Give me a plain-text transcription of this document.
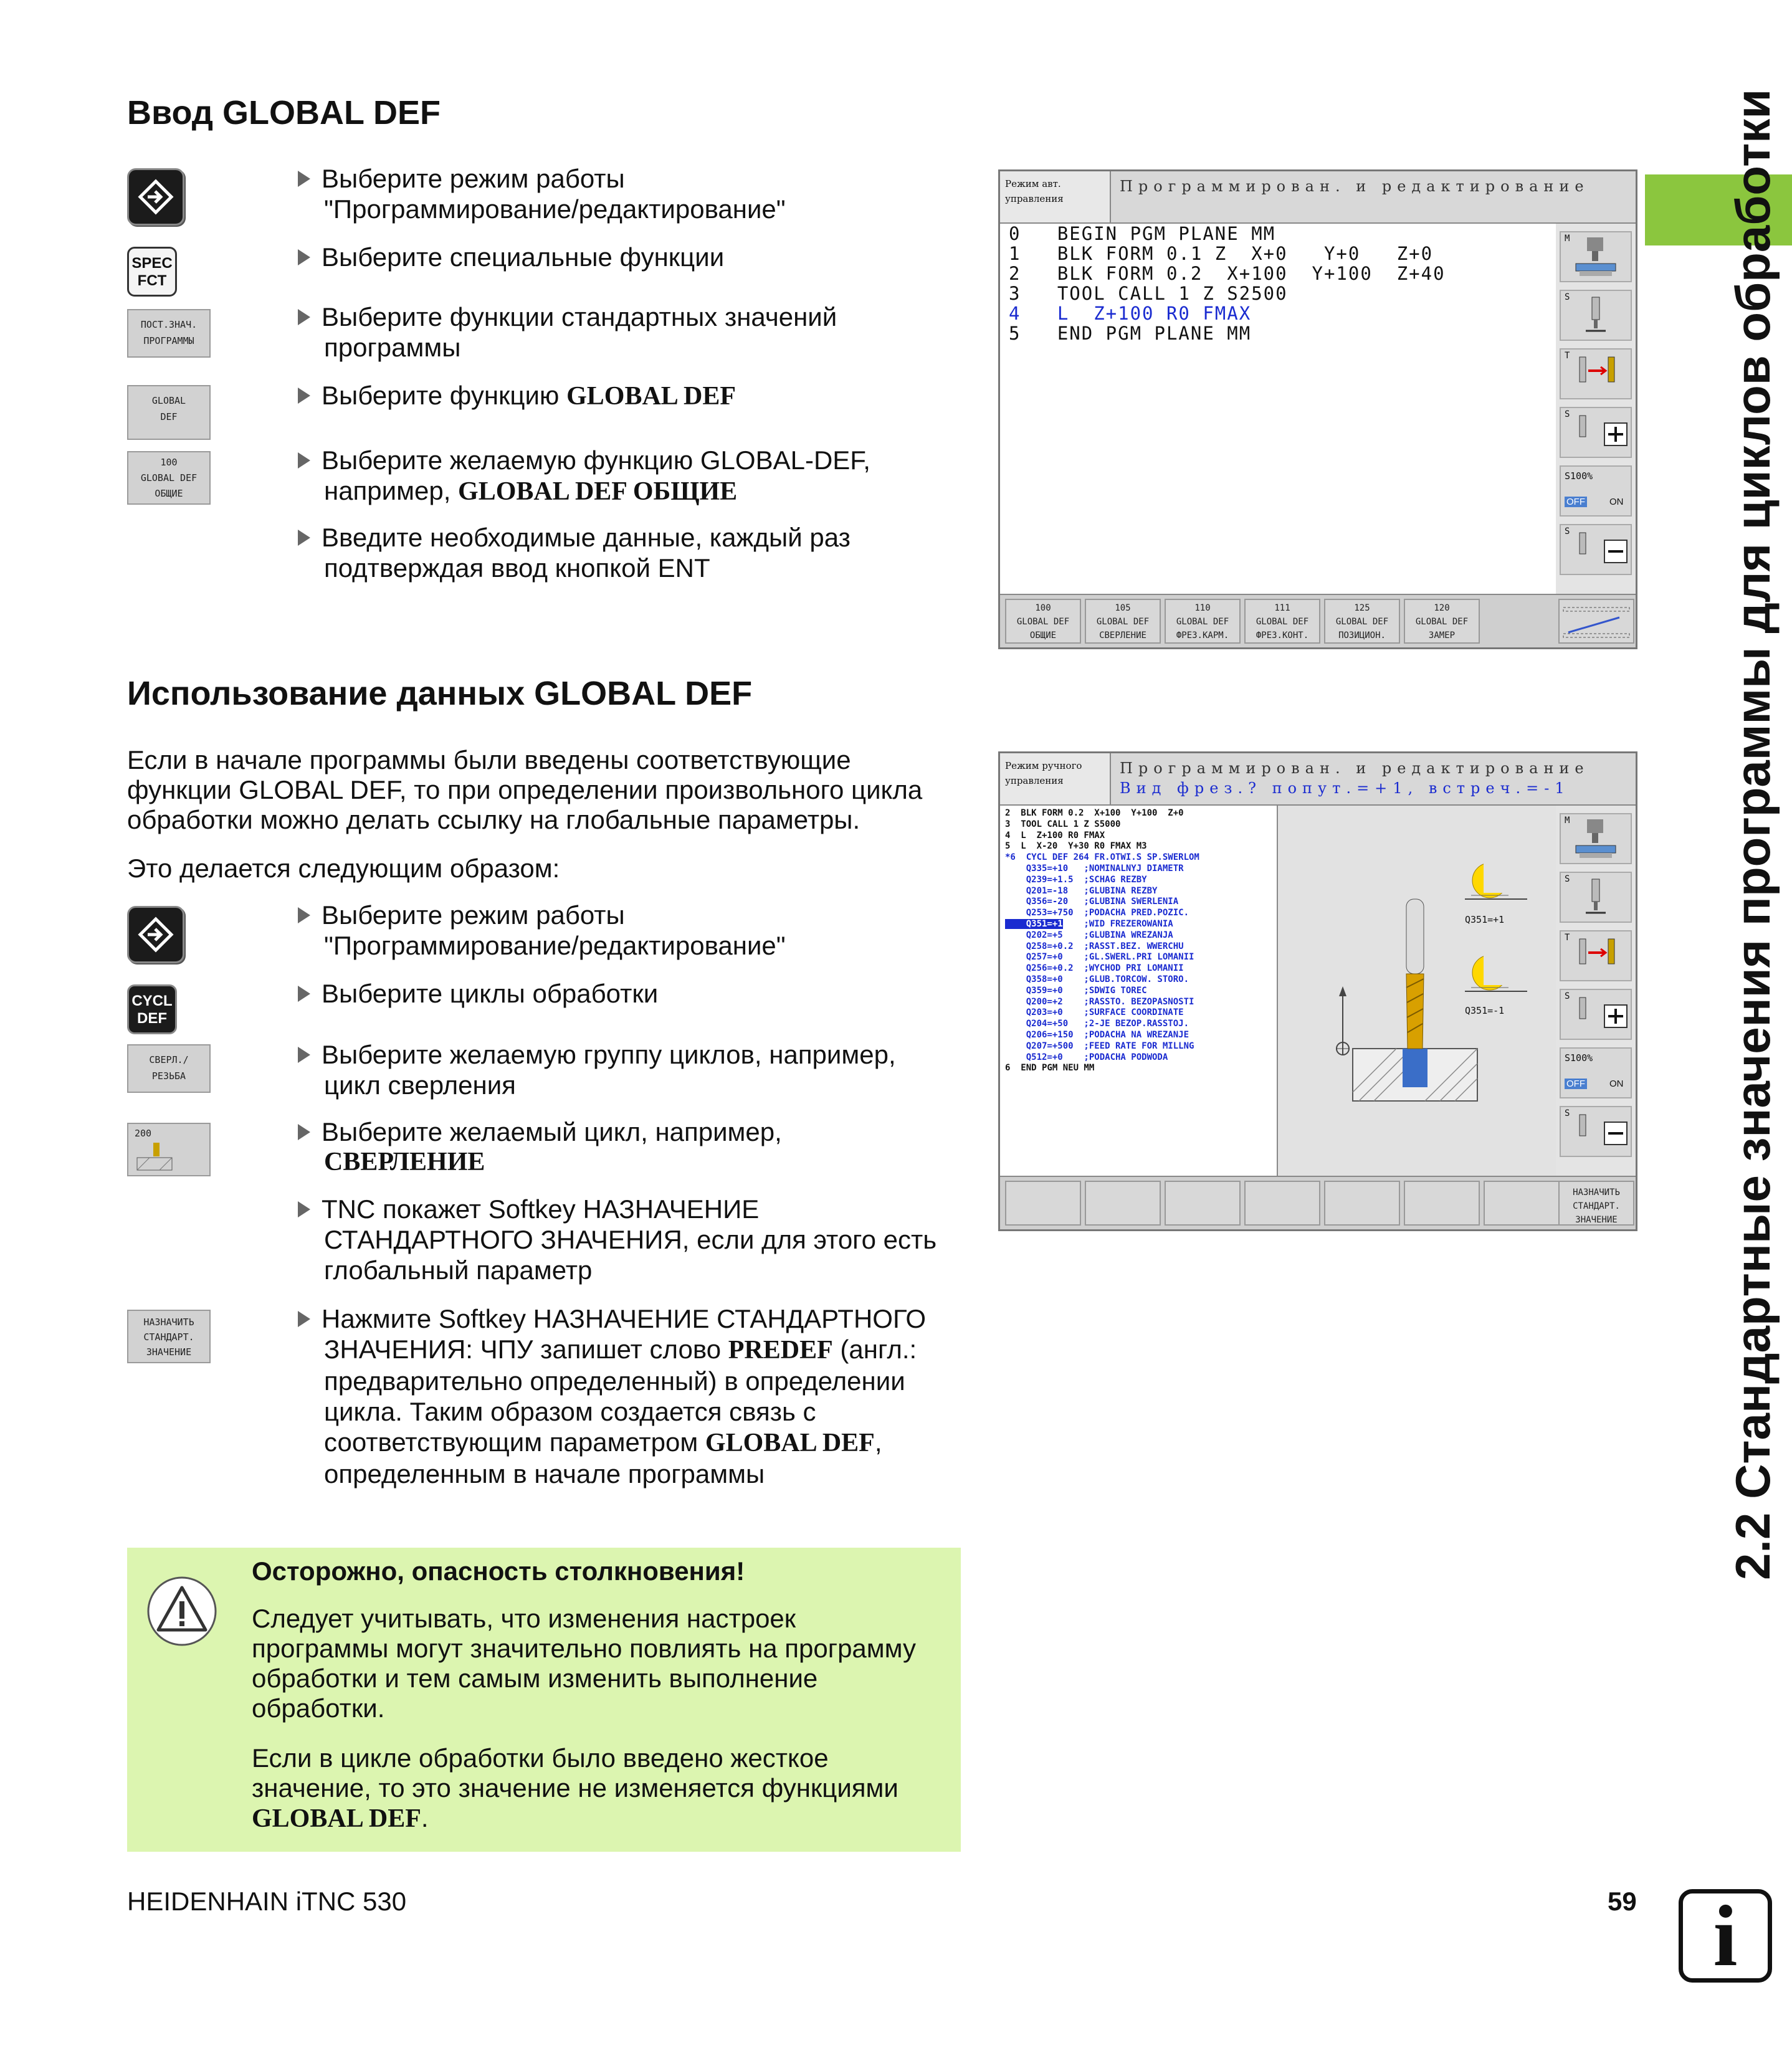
Ввод GLOBAL DEF
SPEC
FCT
ПОСТ.ЗНАЧ.
ПРОГРАММЫ
GLOBAL
DEF
100
GLOBAL DEF
ОБЩИЕ
Выберите режим работы
"Программирование/редактирование"
Выберите специальные функции
Выберите функции стандартных значений
программы
Выберите функцию GLOBAL DEF
Выберите желаемую функцию GLOBAL-DEF,
например, GLOBAL DEF ОБЩИЕ
Введите необходимые данные, каждый раз
подтверждая ввод кнопкой ENT
Режим авт.
управления
Программирован. и редактирование
0   BEGIN PGM PLANE MM
1   BLK FORM 0.1 Z  X+0   Y+0   Z+0
2   BLK FORM 0.2  X+100  Y+100  Z+40
3   TOOL CALL 1 Z S2500
4   L  Z+100 R0 FMAX
5   END PGM PLANE MM
M
S
T
S
S100%
OFF	ON
S
100
GLOBAL DEF
ОБЩИЕ
105
GLOBAL DEF
СВЕРЛЕНИЕ
110
GLOBAL DEF
ФРЕЗ.КАРМ.
111
GLOBAL DEF
ФРЕЗ.КОНТ.
125
GLOBAL DEF
ПОЗИЦИОН.
120
GLOBAL DEF
ЗАМЕР
Использование данных GLOBAL DEF
Если в начале программы были введены соответствующие
функции GLOBAL DEF, то при определении произвольного цикла
обработки можно делать ссылку на глобальные параметры.
Это делается следующим образом:
CYCL
DEF
СВЕРЛ./
РЕЗЬБА
200
НАЗНАЧИТЬ
СТАНДАРТ.
ЗНАЧЕНИЕ
Выберите режим работы
"Программирование/редактирование"
Выберите циклы обработки
Выберите желаемую группу циклов, например,
цикл сверления
Выберите желаемый цикл, например,
СВЕРЛЕНИЕ
TNC покажет Softkey НАЗНАЧЕНИЕ
СТАНДАРТНОГО ЗНАЧЕНИЯ, если для этого есть
глобальный параметр
Нажмите Softkey НАЗНАЧЕНИЕ СТАНДАРТНОГО
ЗНАЧЕНИЯ: ЧПУ запишет слово PREDEF (англ.:
предварительно определенный) в определении
цикла. Таким образом создается связь с
соответствующим параметром GLOBAL DEF,
определенным в начале программы
Режим ручного
управления
Программирован. и редактирование
Вид фрез.? попут.=+1, встреч.=-1
2  BLK FORM 0.2  X+100  Y+100  Z+0
3  TOOL CALL 1 Z S5000
4  L  Z+100 R0 FMAX
5  L  X-20  Y+30 R0 FMAX M3
*6  CYCL DEF 264 FR.OTWI.S SP.SWERLOM
Q335=+10   ;NOMINALNYJ DIAMETR
Q239=+1.5  ;SCHAG REZBY
Q201=-18   ;GLUBINA REZBY
Q356=-20   ;GLUBINA SWERLENIA
Q253=+750  ;PODACHA PRED.POZIC.
Q351=+1    ;WID FREZEROWANIA
Q202=+5    ;GLUBINA WREZANJA
Q258=+0.2  ;RASST.BEZ. WWERCHU
Q257=+0    ;GL.SWERL.PRI LOMANII
Q256=+0.2  ;WYCHOD PRI LOMANII
Q358=+0    ;GLUB.TORCOW. STORO.
Q359=+0    ;SDWIG TOREC
Q200=+2    ;RASSTO. BEZOPASNOSTI
Q203=+0    ;SURFACE COORDINATE
Q204=+50   ;2-JE BEZOP.RASSTOJ.
Q206=+150  ;PODACHA NA WREZANJE
Q207=+500  ;FEED RATE FOR MILLNG
Q512=+0    ;PODACHA PODWODA
6  END PGM NEU MM
Q351=+1
Q351=-1
M
S
T
S
S100%
OFF	ON
S
НАЗНАЧИТЬ
СТАНДАРТ.
ЗНАЧЕНИЕ
Осторожно, опасность столкновения!
Следует учитывать, что изменения настроек
программы могут значительно повлиять на программу
обработки и тем самым изменить выполнение
обработки.
Если в цикле обработки было введено жесткое
значение, то это значение не изменяется функциями
GLOBAL DEF.
2.2 Стандартные значения программы для циклов обработки
HEIDENHAIN iTNC 530	59 i
